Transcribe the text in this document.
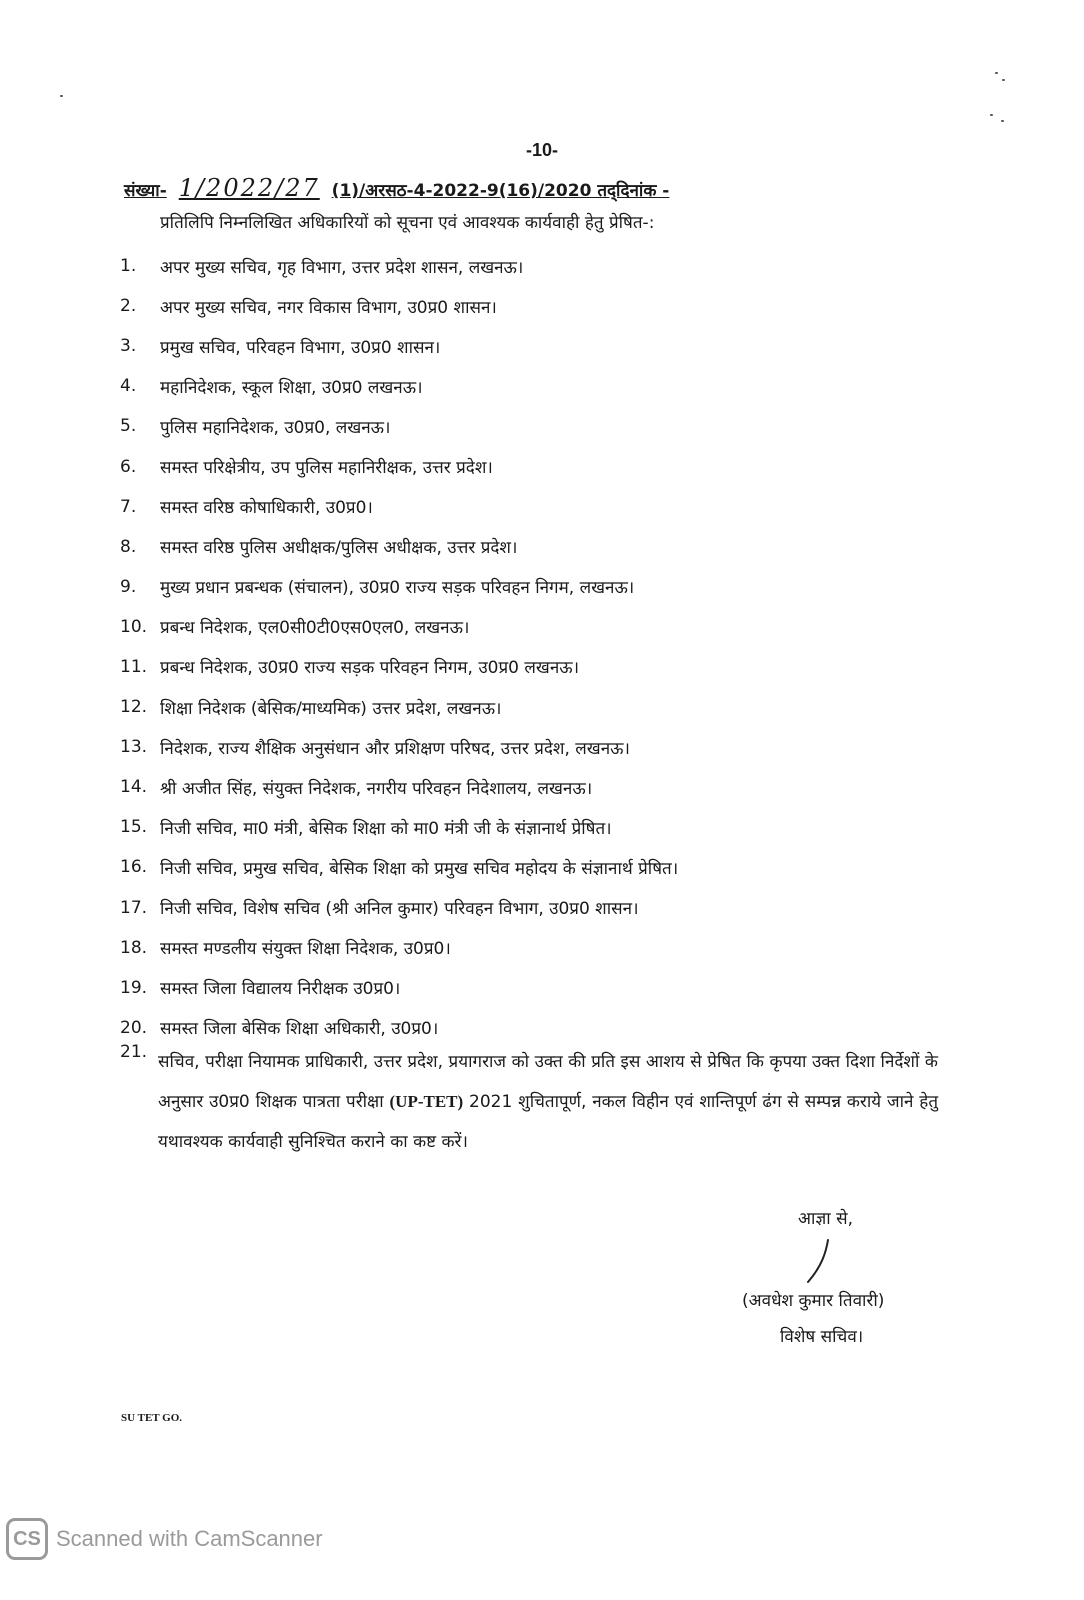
-10-
संख्या- 1/2022/27 (1)/अरसठ-4-2022-9(16)/2020 तद्‌दिनांक -
प्रतिलिपि निम्नलिखित अधिकारियों को सूचना एवं आवश्यक कार्यवाही हेतु प्रेषित-:
1.	अपर मुख्य सचिव, गृह विभाग, उत्तर प्रदेश शासन, लखनऊ।
2.	अपर मुख्य सचिव, नगर विकास विभाग, उ0प्र0 शासन।
3.	प्रमुख सचिव, परिवहन विभाग, उ0प्र0 शासन।
4.	महानिदेशक, स्कूल शिक्षा, उ0प्र0 लखनऊ।
5.	पुलिस महानिदेशक, उ0प्र0, लखनऊ।
6.	समस्त परिक्षेत्रीय, उप पुलिस महानिरीक्षक, उत्तर प्रदेश।
7.	समस्त वरिष्ठ कोषाधिकारी, उ0प्र0।
8.	समस्त वरिष्ठ पुलिस अधीक्षक/पुलिस अधीक्षक, उत्तर प्रदेश।
9.	मुख्य प्रधान प्रबन्धक (संचालन), उ0प्र0 राज्य सड़क परिवहन निगम, लखनऊ।
10. प्रबन्ध निदेशक, एल0सी0टी0एस0एल0, लखनऊ।
11. प्रबन्ध निदेशक, उ0प्र0 राज्य सड़क परिवहन निगम, उ0प्र0 लखनऊ।
12. शिक्षा निदेशक (बेसिक/माध्यमिक) उत्तर प्रदेश, लखनऊ।
13. निदेशक, राज्य शैक्षिक अनुसंधान और प्रशिक्षण परिषद, उत्तर प्रदेश, लखनऊ।
14. श्री अजीत सिंह, संयुक्त निदेशक, नगरीय परिवहन निदेशालय, लखनऊ।
15. निजी सचिव, मा0 मंत्री, बेसिक शिक्षा को मा0 मंत्री जी के संज्ञानार्थ प्रेषित।
16. निजी सचिव, प्रमुख सचिव, बेसिक शिक्षा को प्रमुख सचिव महोदय के संज्ञानार्थ प्रेषित।
17. निजी सचिव, विशेष सचिव (श्री अनिल कुमार) परिवहन विभाग, उ0प्र0 शासन।
18. समस्त मण्डलीय संयुक्त शिक्षा निदेशक, उ0प्र0।
19. समस्त जिला विद्यालय निरीक्षक उ0प्र0।
20. समस्त जिला बेसिक शिक्षा अधिकारी, उ0प्र0।
21. सचिव, परीक्षा नियामक प्राधिकारी, उत्तर प्रदेश, प्रयागराज को उक्त की प्रति इस आशय से प्रेषित कि कृपया उक्त दिशा निर्देशों के अनुसार उ0प्र0 शिक्षक पात्रता परीक्षा (UP-TET) 2021 शुचितापूर्ण, नकल विहीन एवं शान्तिपूर्ण ढंग से सम्पन्न कराये जाने हेतु यथावश्यक कार्यवाही सुनिश्चित कराने का कष्ट करें।
आज्ञा से,
(अवधेश कुमार तिवारी)
विशेष सचिव।
SU TET GO.
CS Scanned with CamScanner
